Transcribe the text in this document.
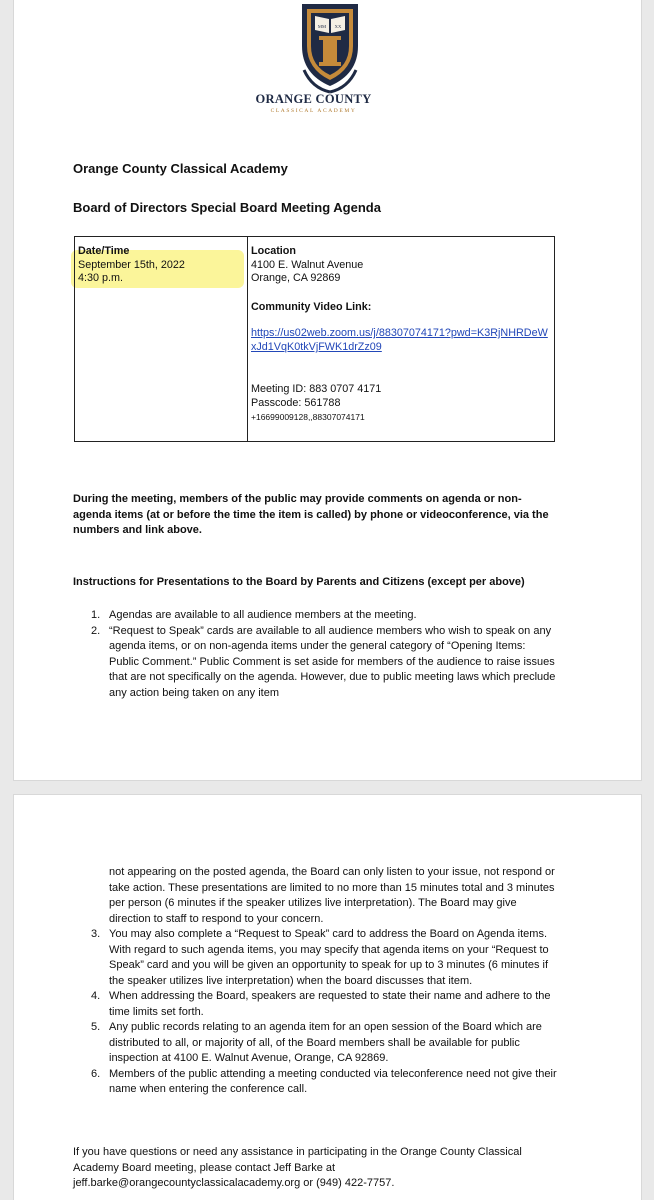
MM XX
ORANGE COUNTY
CLASSICAL ACADEMY
Orange County Classical Academy
Board of Directors Special Board Meeting Agenda
Date/Time
September 15th, 2022
4:30 p.m.
Location
4100 E. Walnut Avenue
Orange, CA 92869
Community Video Link:
https://us02web.zoom.us/j/88307074171?pwd=K3RjNHRDeWxJd1VqK0tkVjFWK1drZz09
Meeting ID: 883 0707 4171
Passcode: 561788
+16699009128,,88307074171
During the meeting, members of the public may provide comments on agenda or non-agenda items (at or before the time the item is called) by phone or videoconference, via the numbers and link above.
Instructions for Presentations to the Board by Parents and Citizens (except per above)
1. Agendas are available to all audience members at the meeting.
2. “Request to Speak” cards are available to all audience members who wish to speak on any agenda items, or on non-agenda items under the general category of “Opening Items: Public Comment.” Public Comment is set aside for members of the audience to raise issues that are not specifically on the agenda. However, due to public meeting laws which preclude any action being taken on any item
not appearing on the posted agenda, the Board can only listen to your issue, not respond or take action. These presentations are limited to no more than 15 minutes total and 3 minutes per person (6 minutes if the speaker utilizes live interpretation). The Board may give direction to staff to respond to your concern.
3. You may also complete a “Request to Speak” card to address the Board on Agenda items. With regard to such agenda items, you may specify that agenda items on your “Request to Speak” card and you will be given an opportunity to speak for up to 3 minutes (6 minutes if the speaker utilizes live interpretation) when the board discusses that item.
4. When addressing the Board, speakers are requested to state their name and adhere to the time limits set forth.
5. Any public records relating to an agenda item for an open session of the Board which are distributed to all, or majority of all, of the Board members shall be available for public inspection at 4100 E. Walnut Avenue, Orange, CA 92869.
6. Members of the public attending a meeting conducted via teleconference need not give their name when entering the conference call.
If you have questions or need any assistance in participating in the Orange County Classical Academy Board meeting, please contact Jeff Barke at jeff.barke@orangecountyclassicalacademy.org or (949) 422-7757.
